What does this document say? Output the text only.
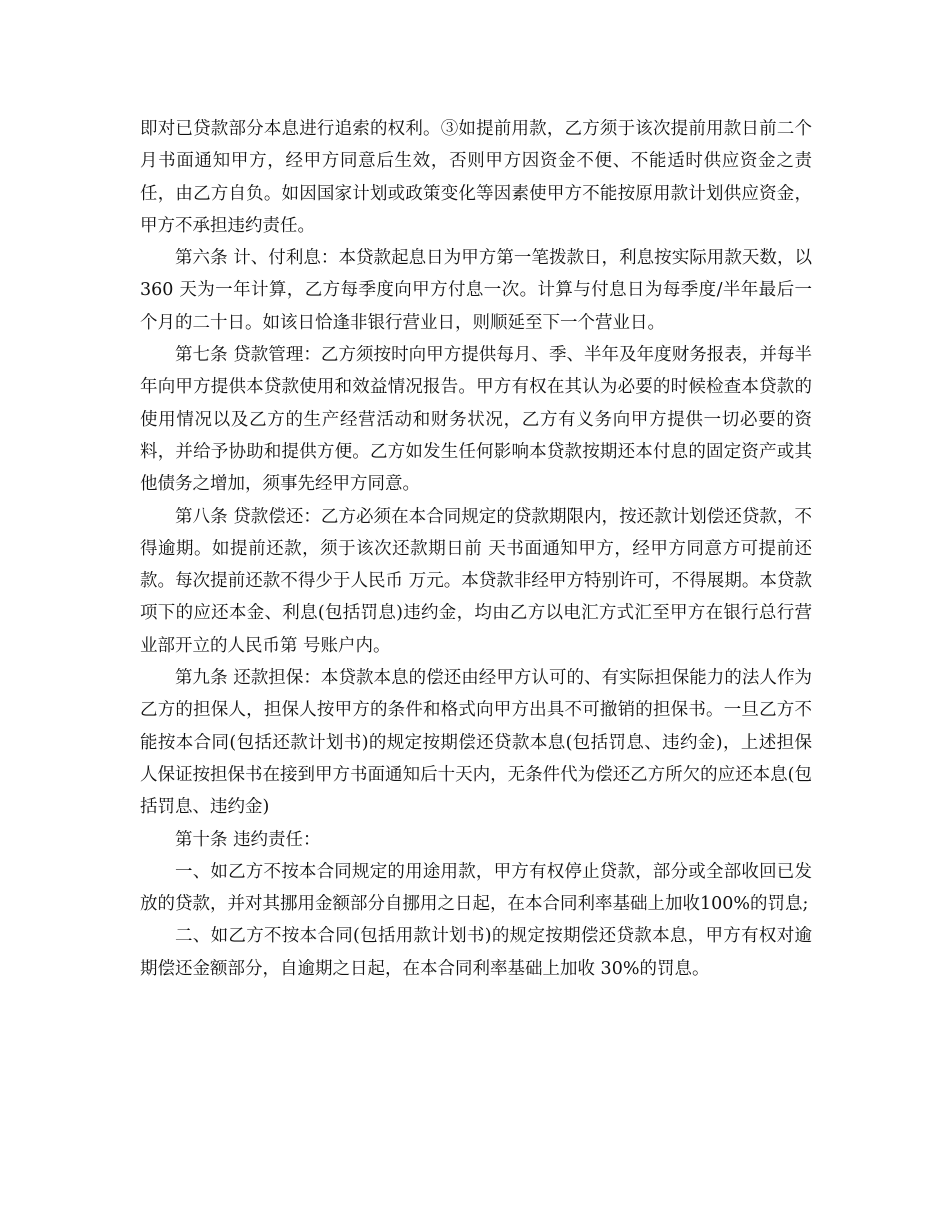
即对已贷款部分本息进行追索的权利。③如提前用款，乙方须于该次提前用款日前二个月书面通知甲方，经甲方同意后生效，否则甲方因资金不便、不能适时供应资金之责任，由乙方自负。如因国家计划或政策变化等因素使甲方不能按原用款计划供应资金，甲方不承担违约责任。

第六条 计、付利息：本贷款起息日为甲方第一笔拨款日，利息按实际用款天数，以 360 天为一年计算，乙方每季度向甲方付息一次。计算与付息日为每季度/半年最后一个月的二十日。如该日恰逢非银行营业日，则顺延至下一个营业日。

第七条 贷款管理：乙方须按时向甲方提供每月、季、半年及年度财务报表，并每半年向甲方提供本贷款使用和效益情况报告。甲方有权在其认为必要的时候检查本贷款的使用情况以及乙方的生产经营活动和财务状况，乙方有义务向甲方提供一切必要的资料，并给予协助和提供方便。乙方如发生任何影响本贷款按期还本付息的固定资产或其他债务之增加，须事先经甲方同意。

第八条 贷款偿还：乙方必须在本合同规定的贷款期限内，按还款计划偿还贷款，不得逾期。如提前还款，须于该次还款期日前 天书面通知甲方，经甲方同意方可提前还款。每次提前还款不得少于人民币 万元。本贷款非经甲方特别许可，不得展期。本贷款项下的应还本金、利息(包括罚息)违约金，均由乙方以电汇方式汇至甲方在银行总行营业部开立的人民币第 号账户内。

第九条 还款担保：本贷款本息的偿还由经甲方认可的、有实际担保能力的法人作为乙方的担保人，担保人按甲方的条件和格式向甲方出具不可撤销的担保书。一旦乙方不能按本合同(包括还款计划书)的规定按期偿还贷款本息(包括罚息、违约金)，上述担保人保证按担保书在接到甲方书面通知后十天内，无条件代为偿还乙方所欠的应还本息(包括罚息、违约金)

第十条 违约责任：

一、如乙方不按本合同规定的用途用款，甲方有权停止贷款，部分或全部收回已发放的贷款，并对其挪用金额部分自挪用之日起，在本合同利率基础上加收100%的罚息;

二、如乙方不按本合同(包括用款计划书)的规定按期偿还贷款本息，甲方有权对逾期偿还金额部分，自逾期之日起，在本合同利率基础上加收 30%的罚息。
